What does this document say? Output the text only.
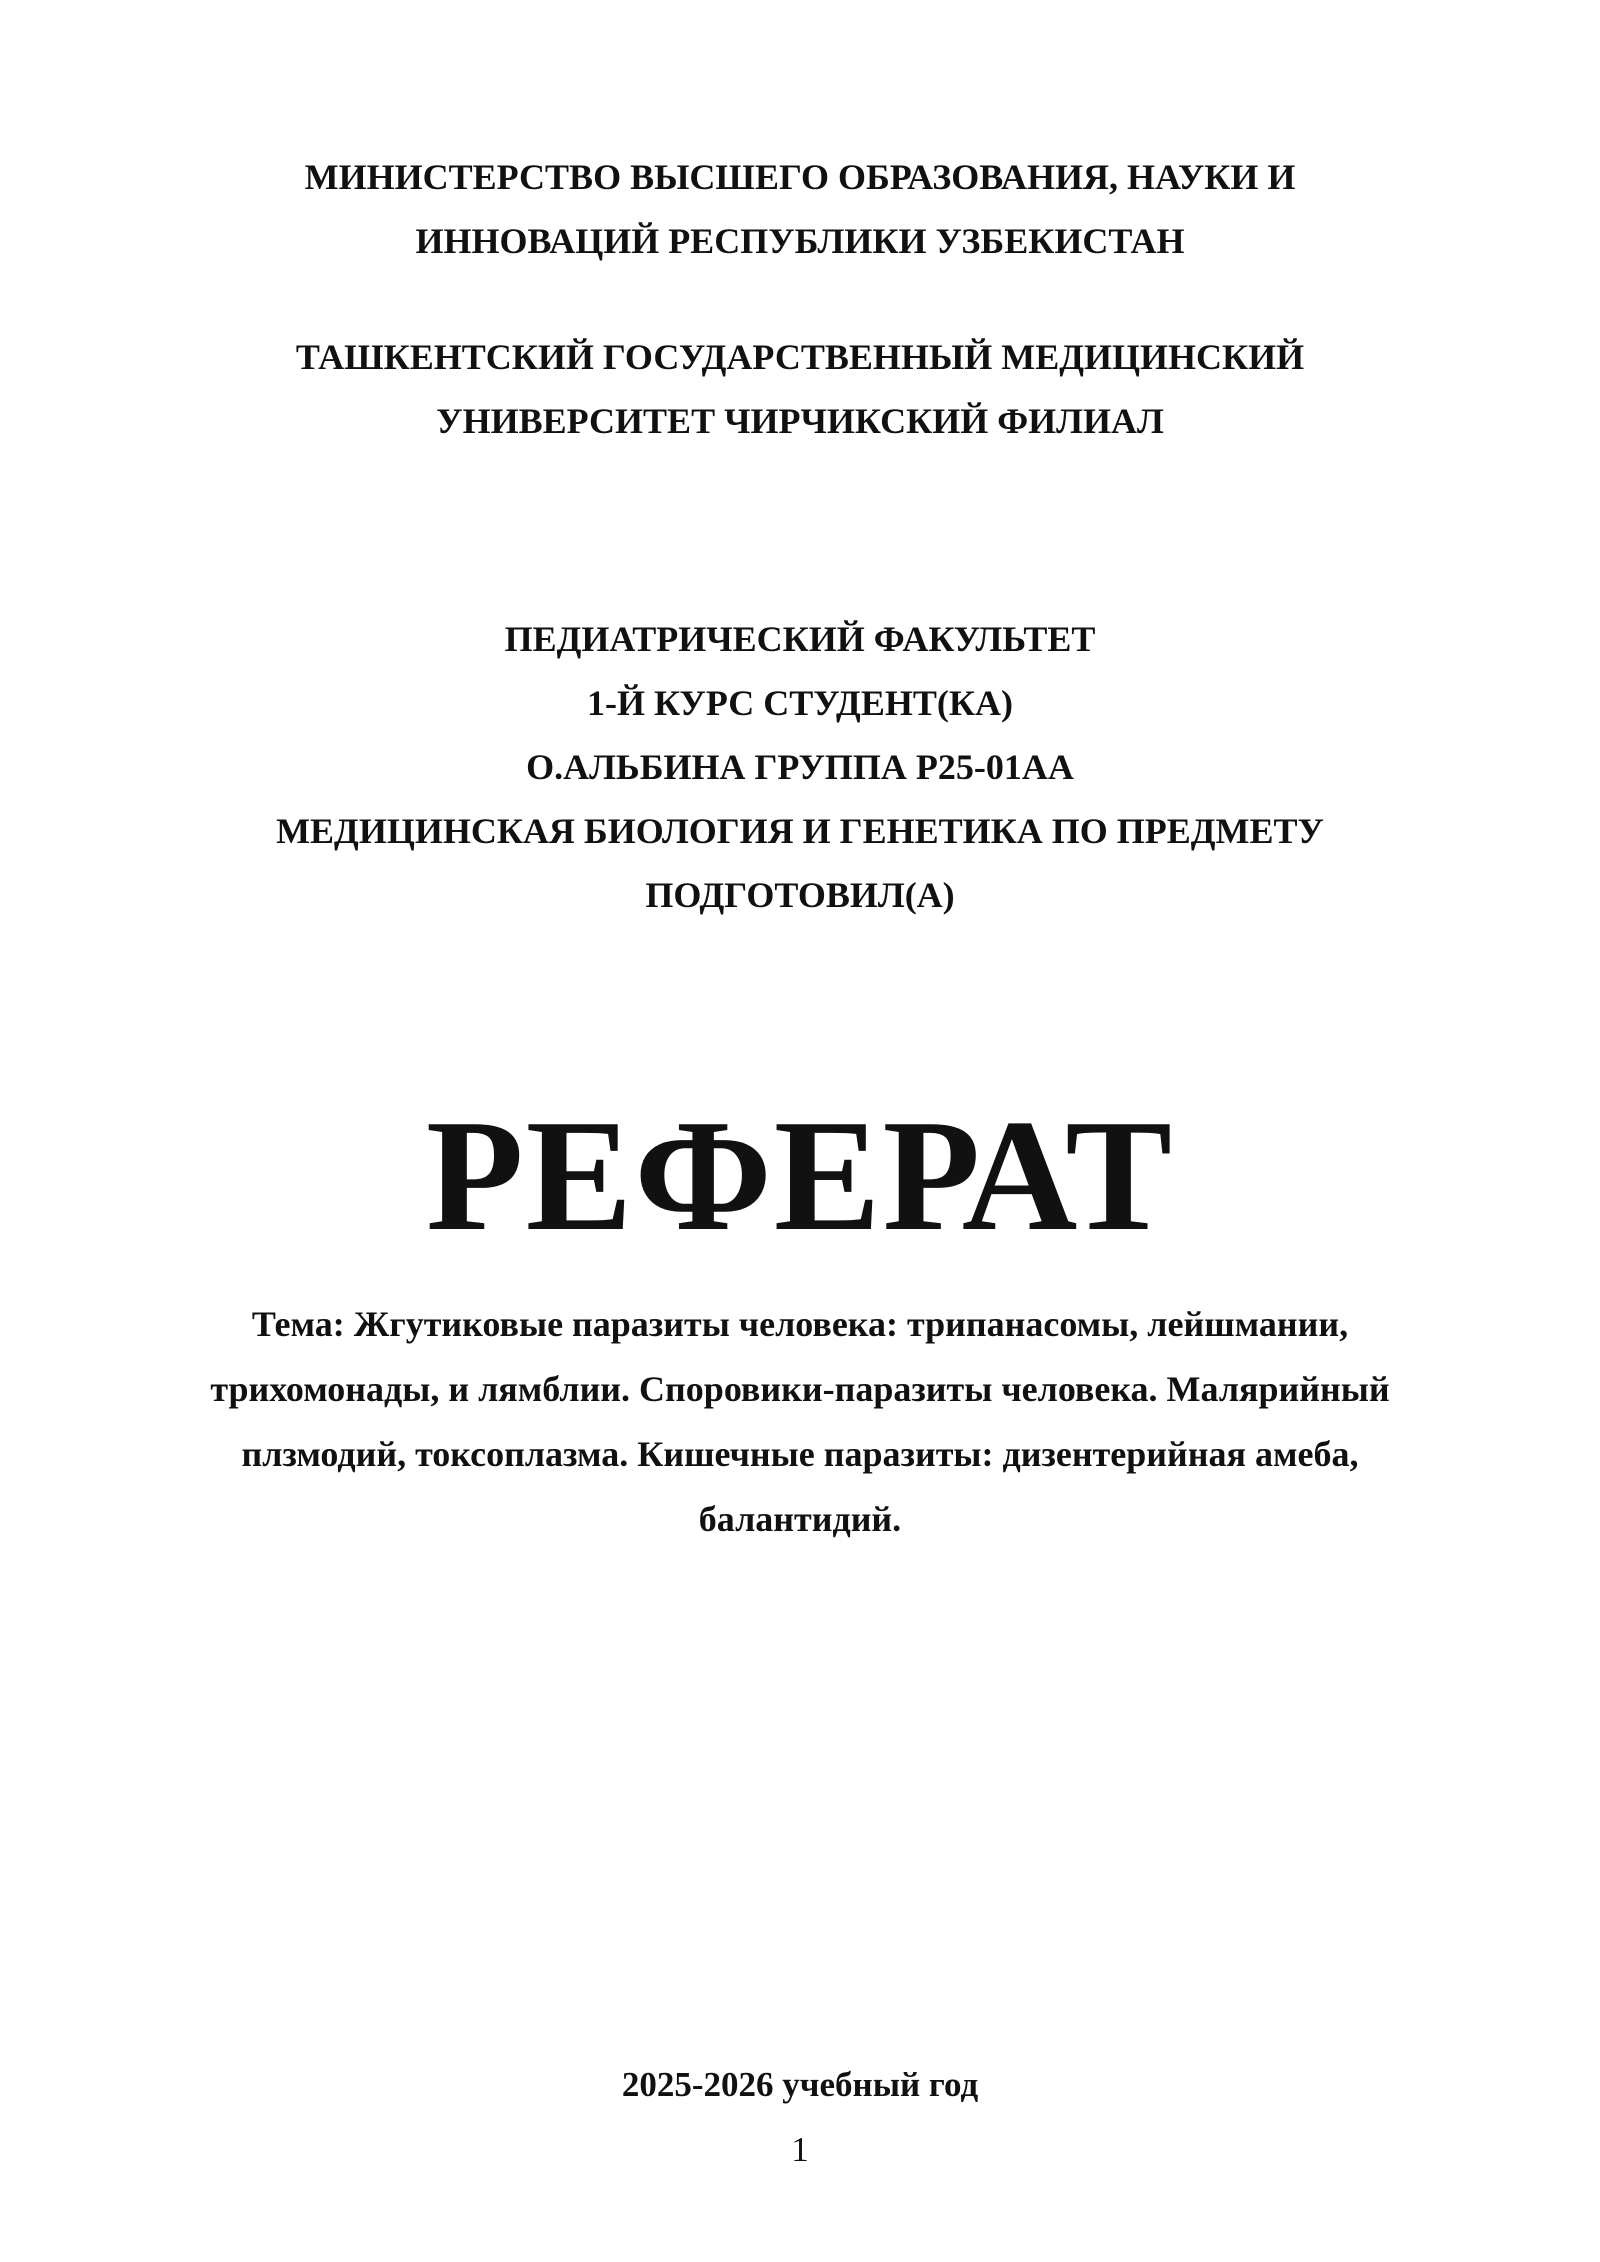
МИНИСТЕРСТВО ВЫСШЕГО ОБРАЗОВАНИЯ, НАУКИ И
ИННОВАЦИЙ РЕСПУБЛИКИ УЗБЕКИСТАН
ТАШКЕНТСКИЙ ГОСУДАРСТВЕННЫЙ МЕДИЦИНСКИЙ
УНИВЕРСИТЕТ ЧИРЧИКСКИЙ ФИЛИАЛ
ПЕДИАТРИЧЕСКИЙ ФАКУЛЬТЕТ
1-Й КУРС СТУДЕНТ(КА)
О.АЛЬБИНА ГРУППА Р25-01АА
МЕДИЦИНСКАЯ БИОЛОГИЯ И ГЕНЕТИКА ПО ПРЕДМЕТУ
ПОДГОТОВИЛ(А)
РЕФЕРАТ
Тема: Жгутиковые паразиты человека: трипанасомы, лейшмании,
трихомонады, и лямблии. Споровики-паразиты человека. Малярийный
плзмодий, токсоплазма. Кишечные паразиты: дизентерийная амеба,
балантидий.
2025-2026 учебный год
1
